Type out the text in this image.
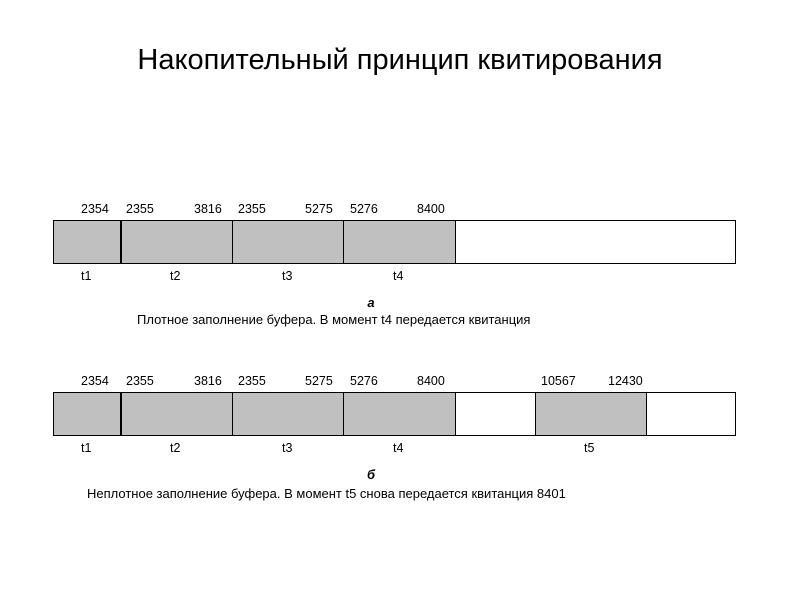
Накопительный принцип квитирования
2354 2355	3816 2355	5275 5276	8400
t1	t2	t3	t4
а
Плотное заполнение буфера. В момент t4 передается квитанция
2354 2355	3816 2355	5275 5276	8400	10567	12430
t1	t2	t3	t4	t5
б
Неплотное заполнение буфера. В момент t5 снова передается квитанция 8401
